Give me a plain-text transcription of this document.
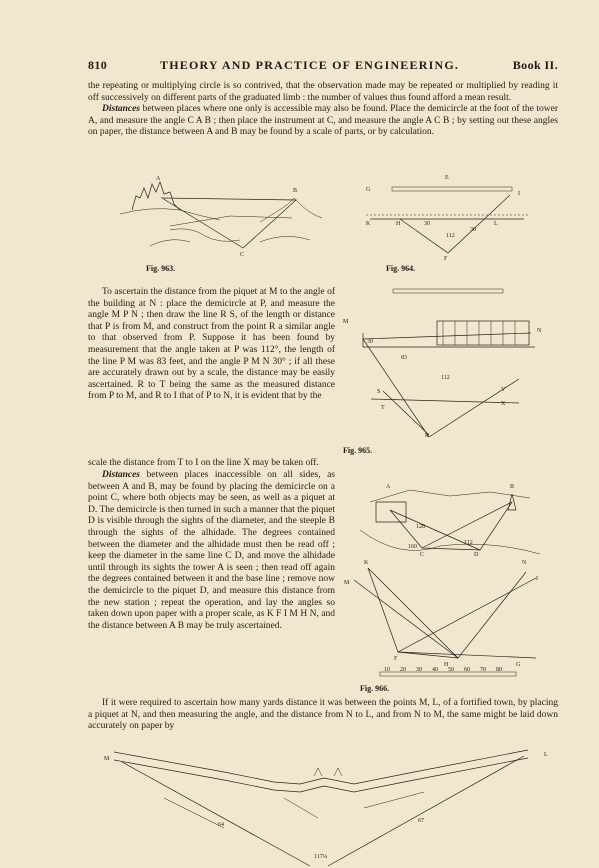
810	THEORY AND PRACTICE OF ENGINEERING.	Book II.

the repeating or multiplying circle is so contrived, that the observation made may be repeated or multiplied by reading it off successively on different parts of the graduated limb : the number of values thus found afford a mean result.

Distances between places where one only is accessible may also be found. Place the demicircle at the foot of the tower A, and measure the angle C A B ; then place the instrument at C, and measure the angle A C B ; by setting out these angles on paper, the distance between A and B may be found by a scale of parts, or by calculation.

A
B
C
Fig. 963.
E
G
I
K	H	30	L
112
30
F
Fig. 964.

To ascertain the distance from the piquet at M to the angle of the building at N : place the demicircle at P, and measure the angle M P N ; then draw the line R S, of the length or distance that P is from M, and construct from the point R a similar angle to that observed from P. Suppose it has been found by measurement that the angle taken at P was 112°, the length of the line P M was 83 feet, and the angle P M N 30° ; if all these are accurately drawn out by a scale, the distance may be easily ascertained. R to T being the same as the measured distance from P to M, and R to I that of P to N, it is evident that by the

M
N
30
83
112
S	V
T
X
R
Fig. 965.

scale the distance from T to I on the line X may be taken off.

Distances between places inaccessible on all sides, as between A and B, may be found by placing the demicircle on a point C, where both objects may be seen, as well as a piquet at D. The demicircle is then turned in such a manner that the piquet D is visible through the sights of the diameter, and the steeple B through the sights of the alhidade. The degrees contained between the diameter and the alhidade must then be read off ; keep the diameter in the same line C D, and move the alhidade until through its sights the tower A is seen ; then read off again the degrees contained between it and the base line ; remove now the demicircle to the piquet D, and measure this distance from the new station ; repeat the operation, and lay the angles so taken down upon paper with a proper scale, as K F I M H N, and the distance between A B may be truly ascertained.

A	B
128
160
112
C	D
K	N
M
I
F
H	G
10 20 30 40 50 60 70 80
Fig. 966.

If it were required to ascertain how many yards distance it was between the points M, L, of a fortified town, by placing a piquet at N, and then measuring the angle, and the distance from N to L, and from N to M, the same might be laid down accurately on paper by

M
L
64
67
117¼
